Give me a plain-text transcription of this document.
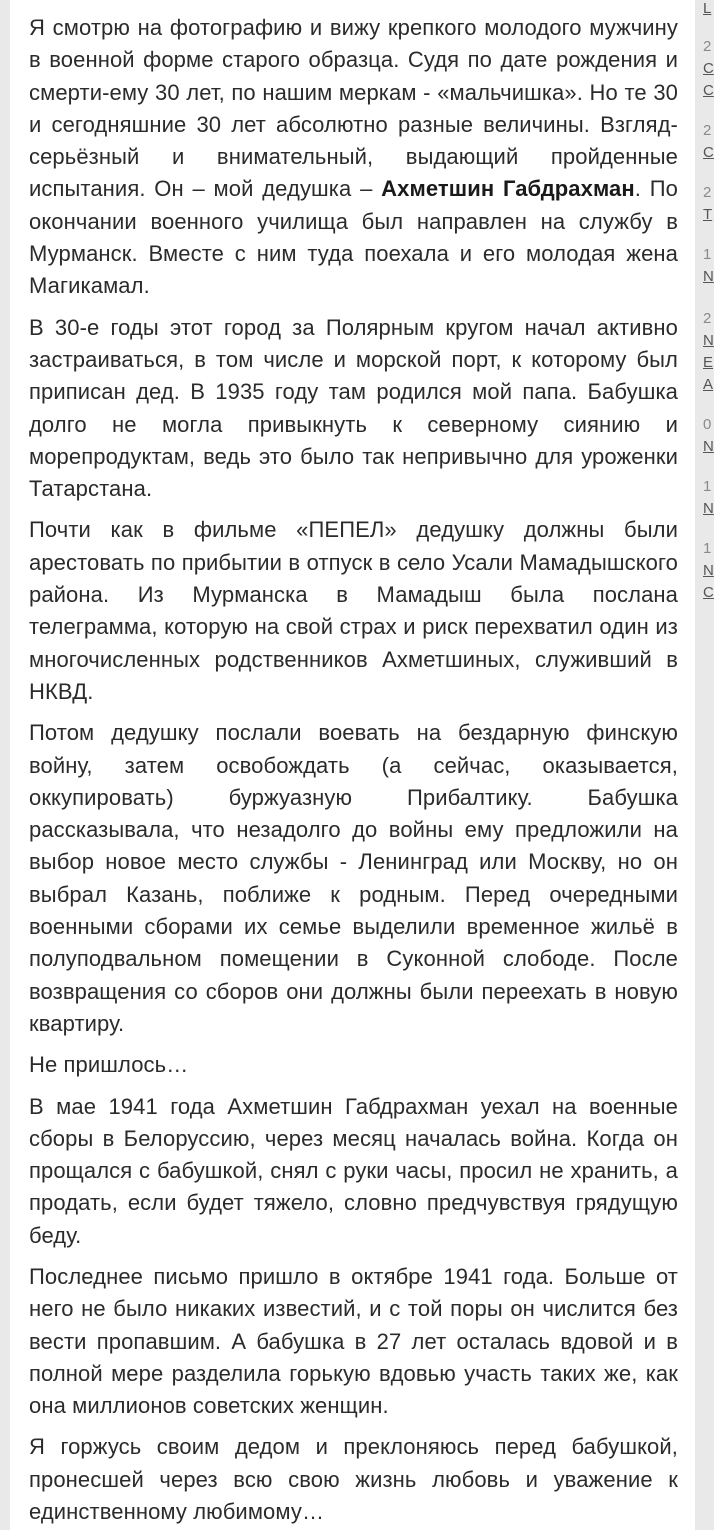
Я смотрю на фотографию и вижу крепкого молодого мужчину в военной форме старого образца. Судя по дате рождения и смерти-ему 30 лет, по нашим меркам - «мальчишка». Но те 30 и сегодняшние 30 лет абсолютно разные величины. Взгляд-серьёзный и внимательный, выдающий пройденные испытания. Он – мой дедушка – Ахметшин Габдрахман. По окончании военного училища был направлен на службу в Мурманск. Вместе с ним туда поехала и его молодая жена Магикамал.

В 30-е годы этот город за Полярным кругом начал активно застраиваться, в том числе и морской порт, к которому был приписан дед. В 1935 году там родился мой папа. Бабушка долго не могла привыкнуть к северному сиянию и морепродуктам, ведь это было так непривычно для уроженки Татарстана.

Почти как в фильме «ПЕПЕЛ» дедушку должны были арестовать по прибытии в отпуск в село Усали Мамадышского района. Из Мурманска в Мамадыш была послана телеграмма, которую на свой страх и риск перехватил один из многочисленных родственников Ахметшиных, служивший в НКВД.

Потом дедушку послали воевать на бездарную финскую войну, затем освобождать (а сейчас, оказывается, оккупировать) буржуазную Прибалтику. Бабушка рассказывала, что незадолго до войны ему предложили на выбор новое место службы - Ленинград или Москву, но он выбрал Казань, поближе к родным. Перед очередными военными сборами их семье выделили временное жильё в полуподвальном помещении в Суконной слободе. После возвращения со сборов они должны были переехать в новую квартиру.

Не пришлось…

В мае 1941 года Ахметшин Габдрахман уехал на военные сборы в Белоруссию, через месяц началась война. Когда он прощался с бабушкой, снял с руки часы, просил не хранить, а продать, если будет тяжело, словно предчувствуя грядущую беду.

Последнее письмо пришло в октябре 1941 года. Больше от него не было никаких известий, и с той поры он числится без вести пропавшим. А бабушка в 27 лет осталась вдовой и в полной мере разделила горькую вдовью участь таких же, как она миллионов советских женщин.

Я горжусь своим дедом и преклоняюсь перед бабушкой, пронесшей через всю свою жизнь любовь и уважение к единственному любимому…

L
2
C
C
2
C
2
T
1
N
2
N
E
A
0
N
1
N
1
N
C
